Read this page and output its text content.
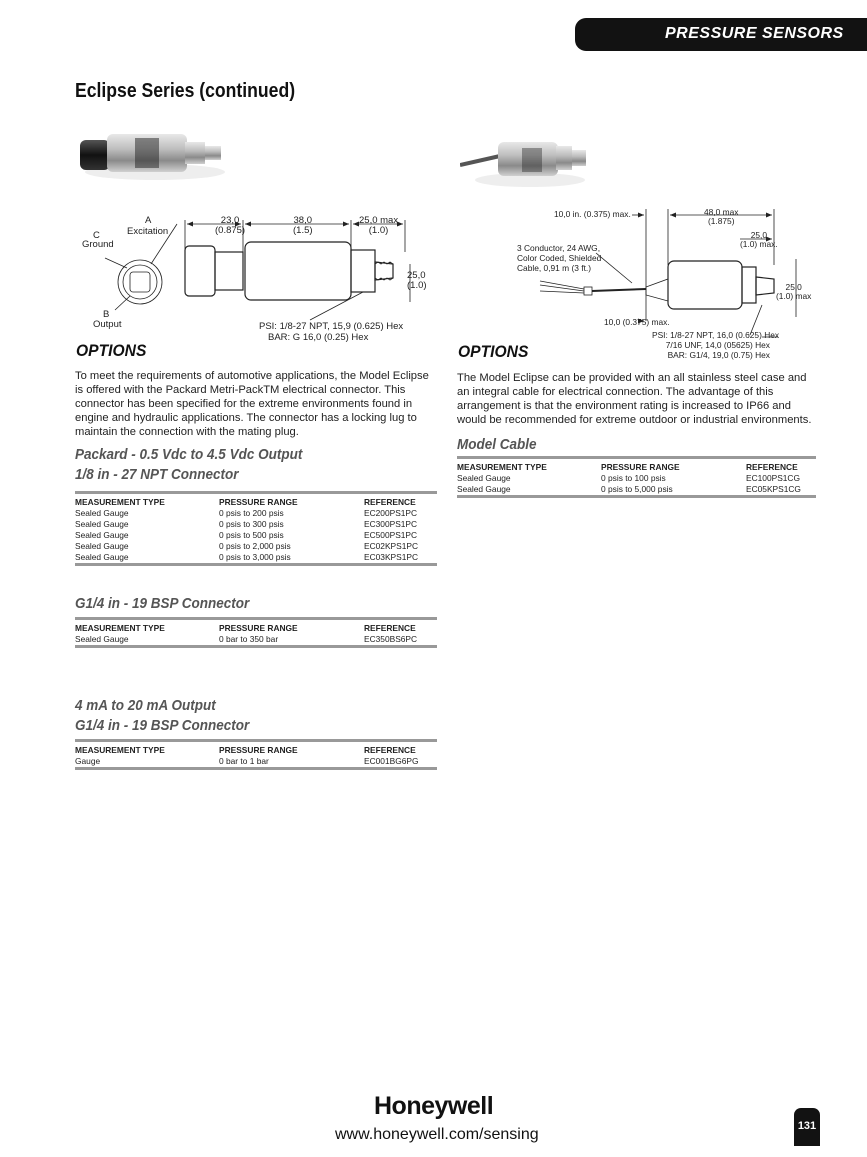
PRESSURE SENSORS
Eclipse Series (continued)
23,0
(0.875)
38,0
(1.5)
25,0 max
(1.0)
25,0
(1.0)
A
Excitation
C
Ground
B
Output	PSI: 1/8-27 NPT, 15,9 (0.625) Hex
BAR: G 16,0 (0.25) Hex
OPTIONS
To meet the requirements of automotive applications, the Model Eclipse is offered with the Packard Metri-PackTM electrical connector. This connector has been specified for the extreme environments found in engine and hydraulic applications. The connector has a locking lug to maintain the connection with the mating plug.
Packard - 0.5 Vdc to 4.5 Vdc Output
1/8 in - 27 NPT Connector
MEASUREMENT TYPE	PRESSURE RANGE	REFERENCE
Sealed Gauge	0 psis to 200 psis	EC200PS1PC
Sealed Gauge	0 psis to 300 psis	EC300PS1PC
Sealed Gauge	0 psis to 500 psis	EC500PS1PC
Sealed Gauge	0 psis to 2,000 psis	EC02KPS1PC
Sealed Gauge	0 psis to 3,000 psis	EC03KPS1PC
G1/4 in - 19 BSP Connector
MEASUREMENT TYPE	PRESSURE RANGE	REFERENCE
Sealed Gauge	0 bar to 350 bar	EC350BS6PC
4 mA to 20 mA Output
G1/4 in - 19 BSP Connector
MEASUREMENT TYPE	PRESSURE RANGE	REFERENCE
Gauge	0 bar to 1 bar	EC001BG6PG
10,0 in. (0.375) max.	48,0 max
(1.875)
25,0
(1.0) max.
3 Conductor, 24 AWG,
Color Coded, Shielded
Cable, 0,91 m (3 ft.)
25,0
(1.0) max
10,0 (0.375) max.
PSI: 1/8-27 NPT, 16,0 (0.625) Hex
7/16 UNF, 14,0 (05625) Hex
BAR: G1/4, 19,0 (0.75) Hex
OPTIONS
The Model Eclipse can be provided with an all stainless steel case and an integral cable for electrical connection. The advantage of this arrangement is that the environment rating is increased to IP66 and would be recommended for extreme outdoor or industrial environments.
Model Cable
MEASUREMENT TYPE	PRESSURE RANGE	REFERENCE
Sealed Gauge	0 psis to 100 psis	EC100PS1CG
Sealed Gauge	0 psis to 5,000 psis	EC05KPS1CG
Honeywell
www.honeywell.com/sensing	131
